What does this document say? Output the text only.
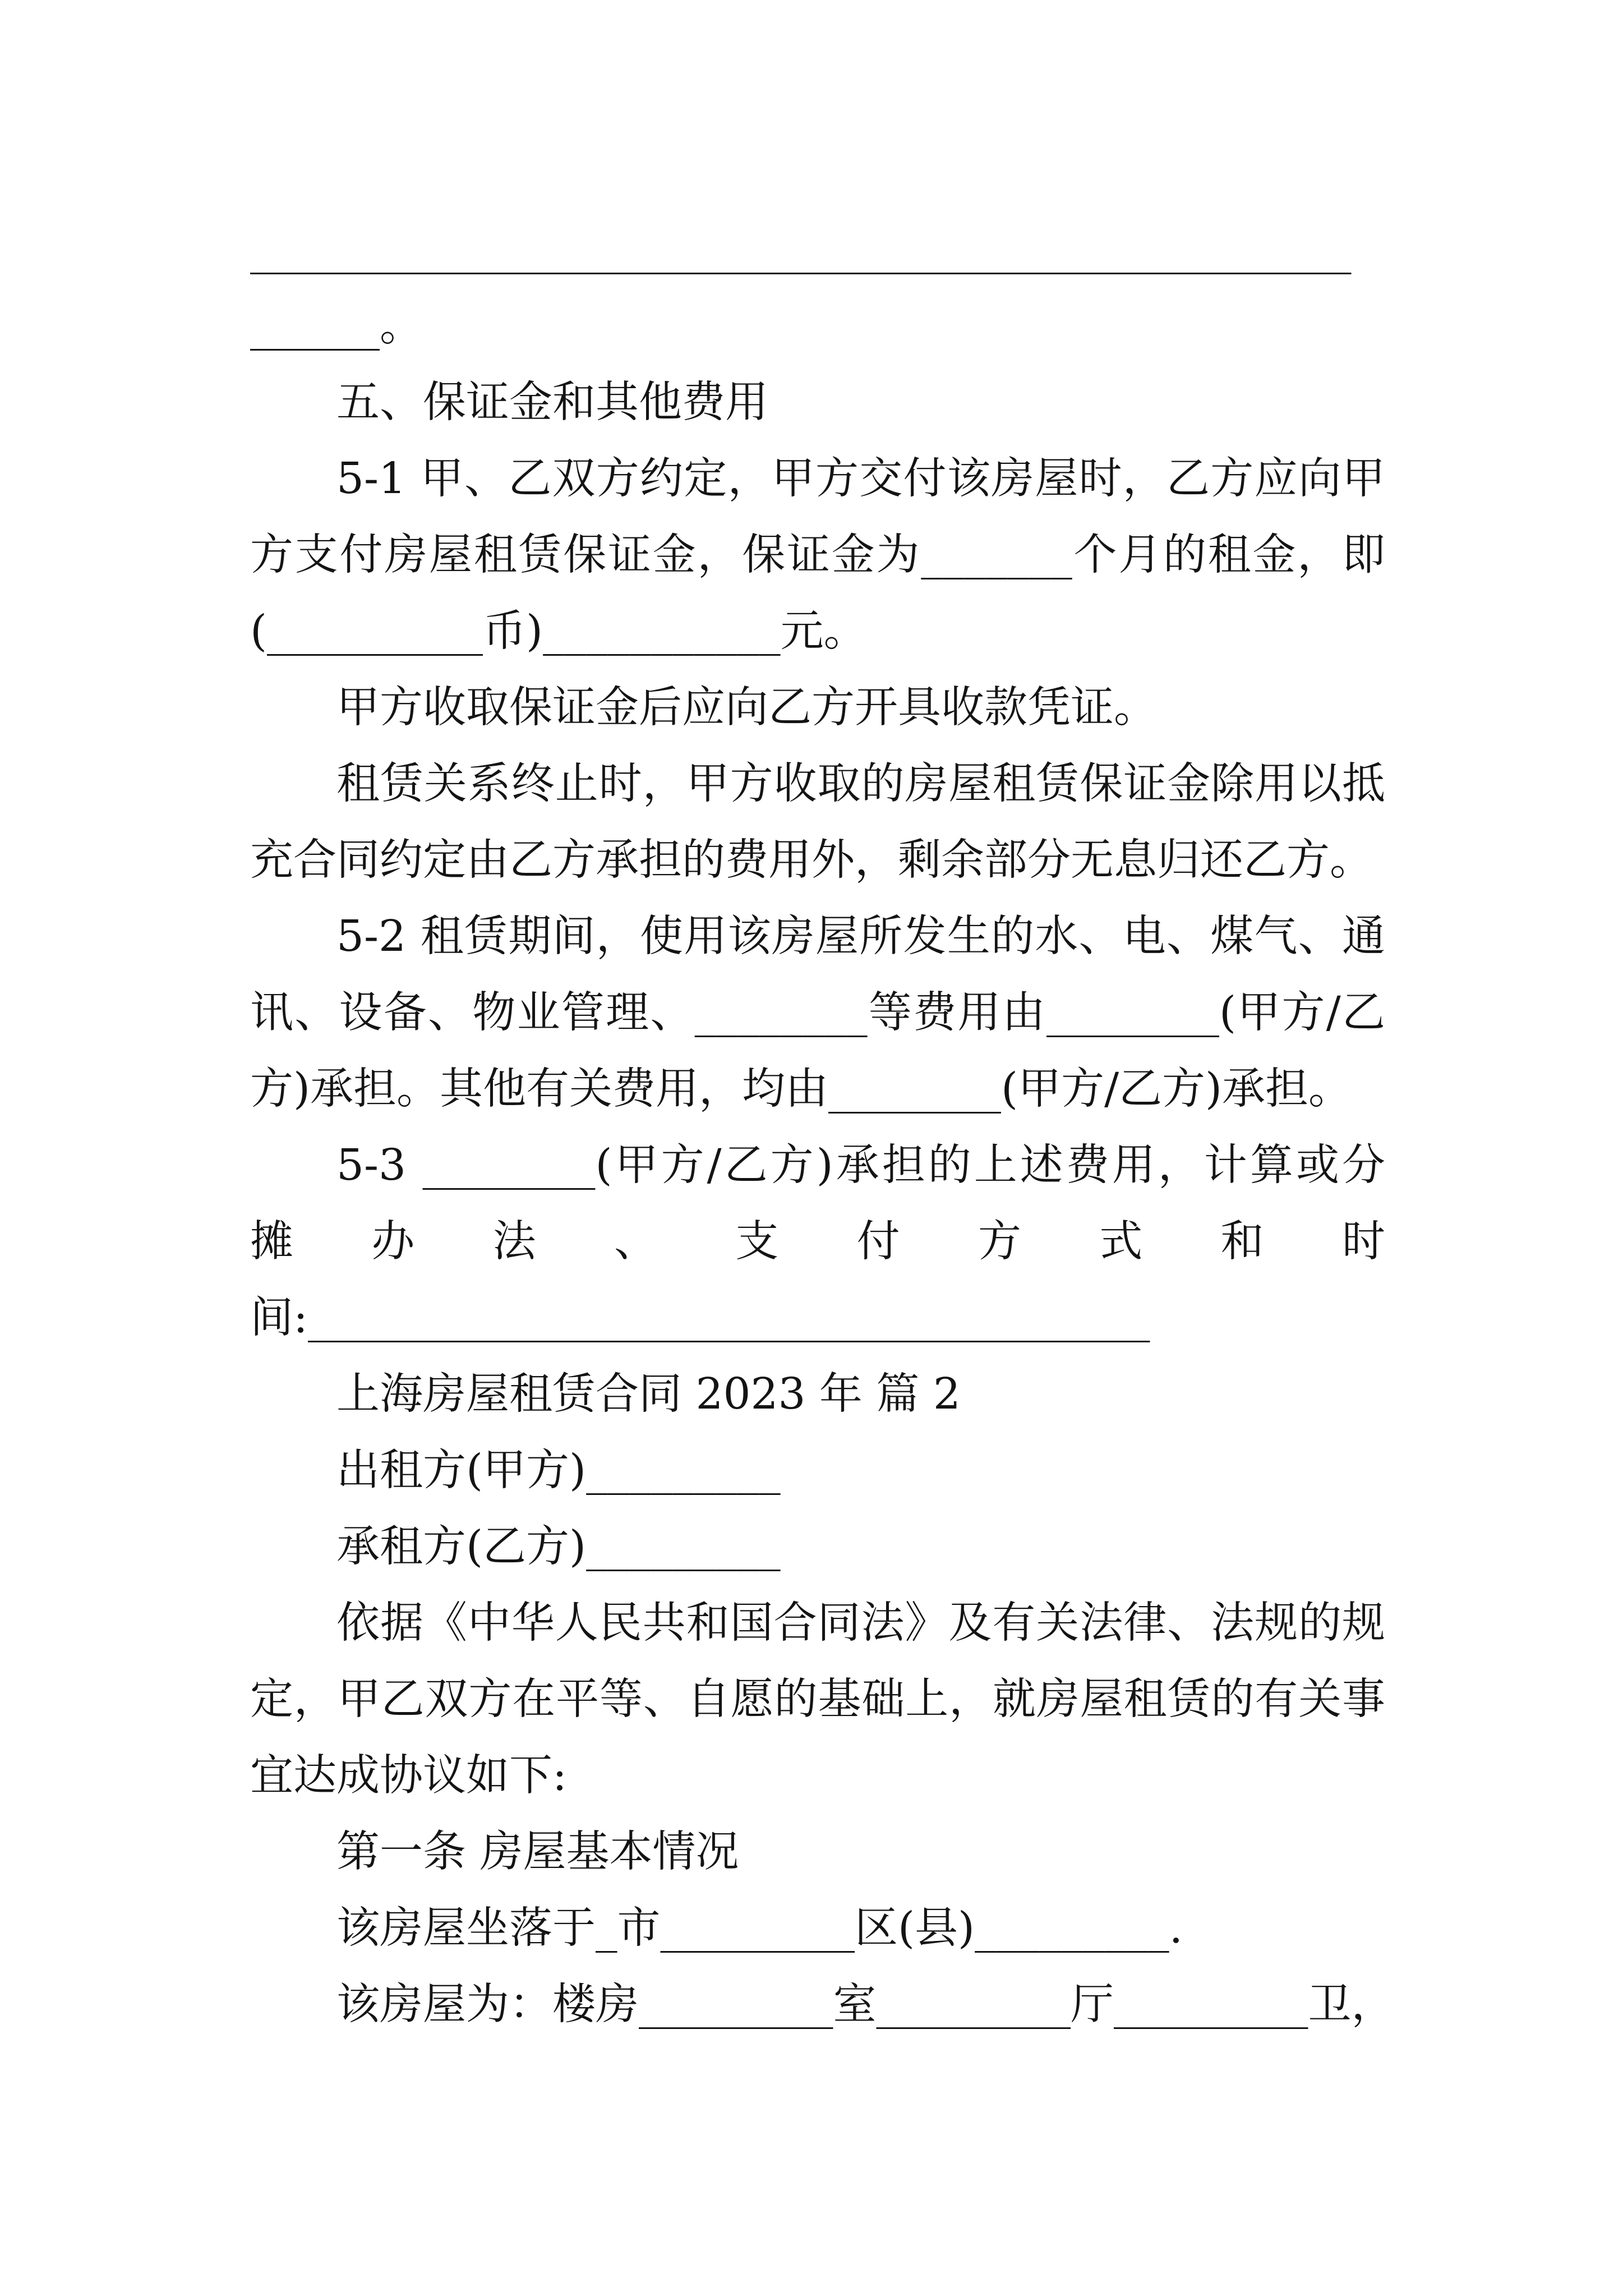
___________________________________________________
______。
五、保证金和其他费用
5-1 甲、乙双方约定，甲方交付该房屋时，乙方应向甲
方支付房屋租赁保证金，保证金为_______个月的租金，即
(__________币)___________元。
甲方收取保证金后应向乙方开具收款凭证。
租赁关系终止时，甲方收取的房屋租赁保证金除用以抵
充合同约定由乙方承担的费用外，剩余部分无息归还乙方。
5-2 租赁期间，使用该房屋所发生的水、电、煤气、通
讯、设备、物业管理、________等费用由________(甲方/乙
方)承担。其他有关费用，均由________(甲方/乙方)承担。
5-3 ________(甲方/乙方)承担的上述费用，计算或分
摊办法、支付方式和时
间:_______________________________________
上海房屋租赁合同 2023 年 篇 2
出租方(甲方)_________
承租方(乙方)_________
依据《中华人民共和国合同法》及有关法律、法规的规
定，甲乙双方在平等、自愿的基础上，就房屋租赁的有关事
宜达成协议如下:
第一条 房屋基本情况
该房屋坐落于_市_________区(县)_________.
该房屋为：楼房_________室_________厅_________卫，
